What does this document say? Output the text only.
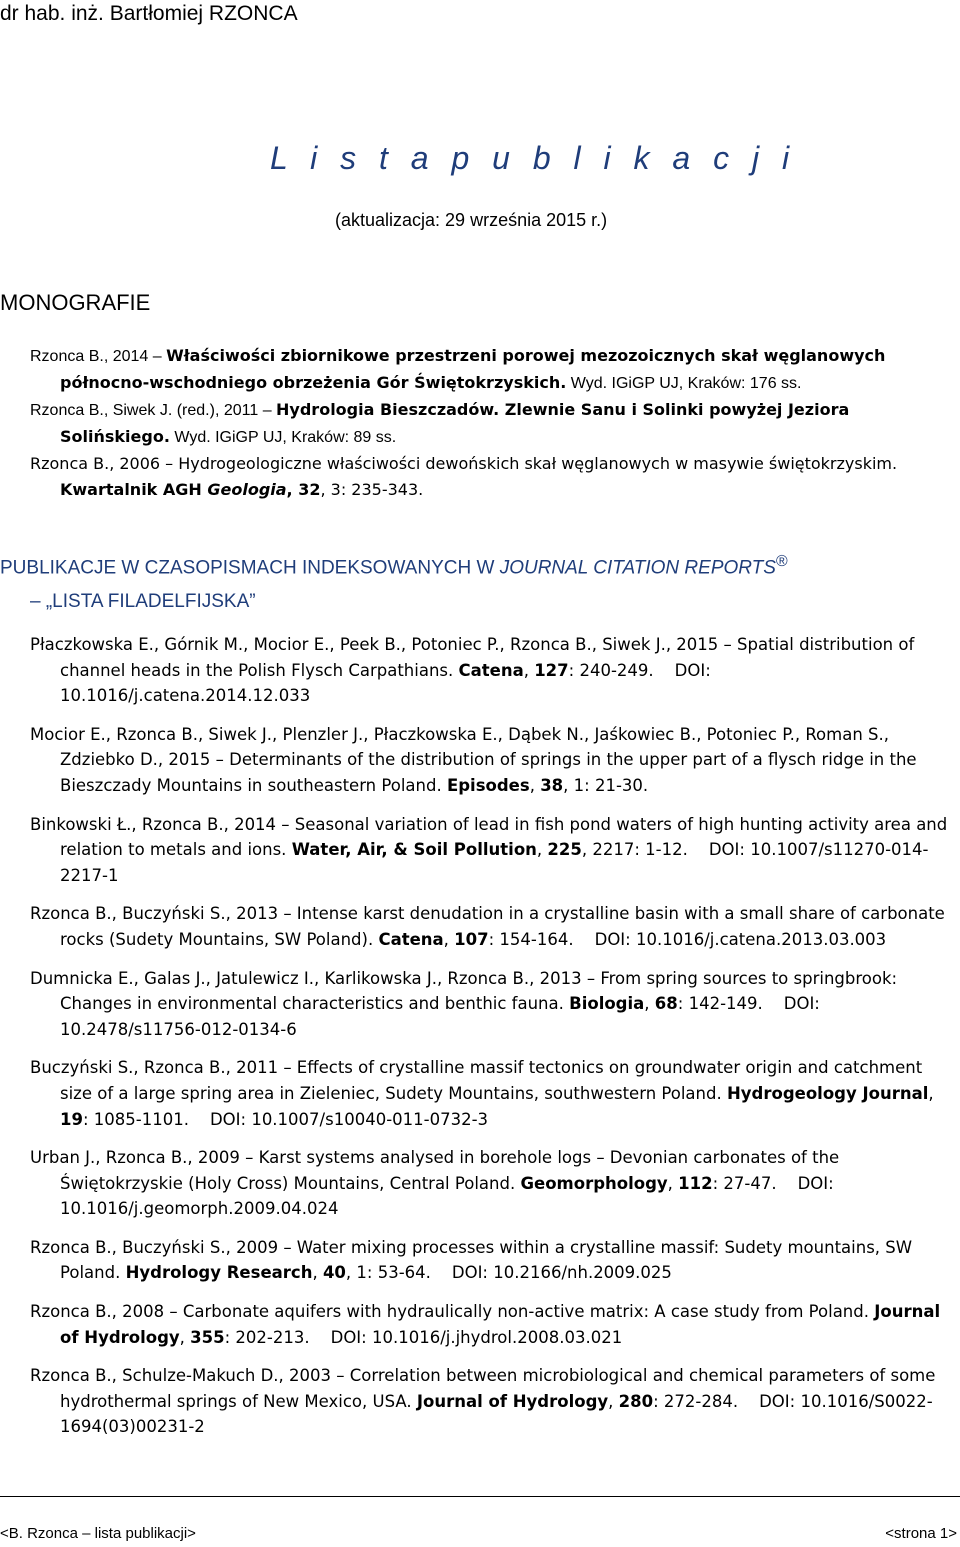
dr hab. inż. Bartłomiej RZONCA
L i s t a p u b l i k a c j i
(aktualizacja: 29 września 2015 r.)
MONOGRAFIE

Rzonca B., 2014 – Właściwości zbiornikowe przestrzeni porowej mezozoicznych skał węglanowych północno-wschodniego obrzeżenia Gór Świętokrzyskich. Wyd. IGiGP UJ, Kraków: 176 ss.

Rzonca B., Siwek J. (red.), 2011 – Hydrologia Bieszczadów. Zlewnie Sanu i Solinki powyżej Jeziora Solińskiego. Wyd. IGiGP UJ, Kraków: 89 ss.

Rzonca B., 2006 – Hydrogeologiczne właściwości dewońskich skał węglanowych w masywie świętokrzyskim. Kwartalnik AGH Geologia, 32, 3: 235-343.

PUBLIKACJE W CZASOPISMACH INDEKSOWANYCH W JOURNAL CITATION REPORTS®
– „LISTA FILADELFIJSKA”

Płaczkowska E., Górnik M., Mocior E., Peek B., Potoniec P., Rzonca B., Siwek J., 2015 – Spatial distribution of channel heads in the Polish Flysch Carpathians. Catena, 127: 240-249. DOI: 10.1016/j.catena.2014.12.033

Mocior E., Rzonca B., Siwek J., Plenzler J., Płaczkowska E., Dąbek N., Jaśkowiec B., Potoniec P., Roman S., Zdziebko D., 2015 – Determinants of the distribution of springs in the upper part of a flysch ridge in the Bieszczady Mountains in southeastern Poland. Episodes, 38, 1: 21-30.

Binkowski Ł., Rzonca B., 2014 – Seasonal variation of lead in fish pond waters of high hunting activity area and relation to metals and ions. Water, Air, & Soil Pollution, 225, 2217: 1-12. DOI: 10.1007/s11270-014-2217-1

Rzonca B., Buczyński S., 2013 – Intense karst denudation in a crystalline basin with a small share of carbonate rocks (Sudety Mountains, SW Poland). Catena, 107: 154-164. DOI: 10.1016/j.catena.2013.03.003

Dumnicka E., Galas J., Jatulewicz I., Karlikowska J., Rzonca B., 2013 – From spring sources to springbrook: Changes in environmental characteristics and benthic fauna. Biologia, 68: 142-149. DOI: 10.2478/s11756-012-0134-6

Buczyński S., Rzonca B., 2011 – Effects of crystalline massif tectonics on groundwater origin and catchment size of a large spring area in Zieleniec, Sudety Mountains, southwestern Poland. Hydrogeology Journal, 19: 1085-1101. DOI: 10.1007/s10040-011-0732-3

Urban J., Rzonca B., 2009 – Karst systems analysed in borehole logs – Devonian carbonates of the Świętokrzyskie (Holy Cross) Mountains, Central Poland. Geomorphology, 112: 27-47. DOI: 10.1016/j.geomorph.2009.04.024

Rzonca B., Buczyński S., 2009 – Water mixing processes within a crystalline massif: Sudety mountains, SW Poland. Hydrology Research, 40, 1: 53-64. DOI: 10.2166/nh.2009.025

Rzonca B., 2008 – Carbonate aquifers with hydraulically non-active matrix: A case study from Poland. Journal of Hydrology, 355: 202-213. DOI: 10.1016/j.jhydrol.2008.03.021

Rzonca B., Schulze-Makuch D., 2003 – Correlation between microbiological and chemical parameters of some hydrothermal springs of New Mexico, USA. Journal of Hydrology, 280: 272-284. DOI: 10.1016/S0022-1694(03)00231-2

<B. Rzonca – lista publikacji>	<strona 1>
